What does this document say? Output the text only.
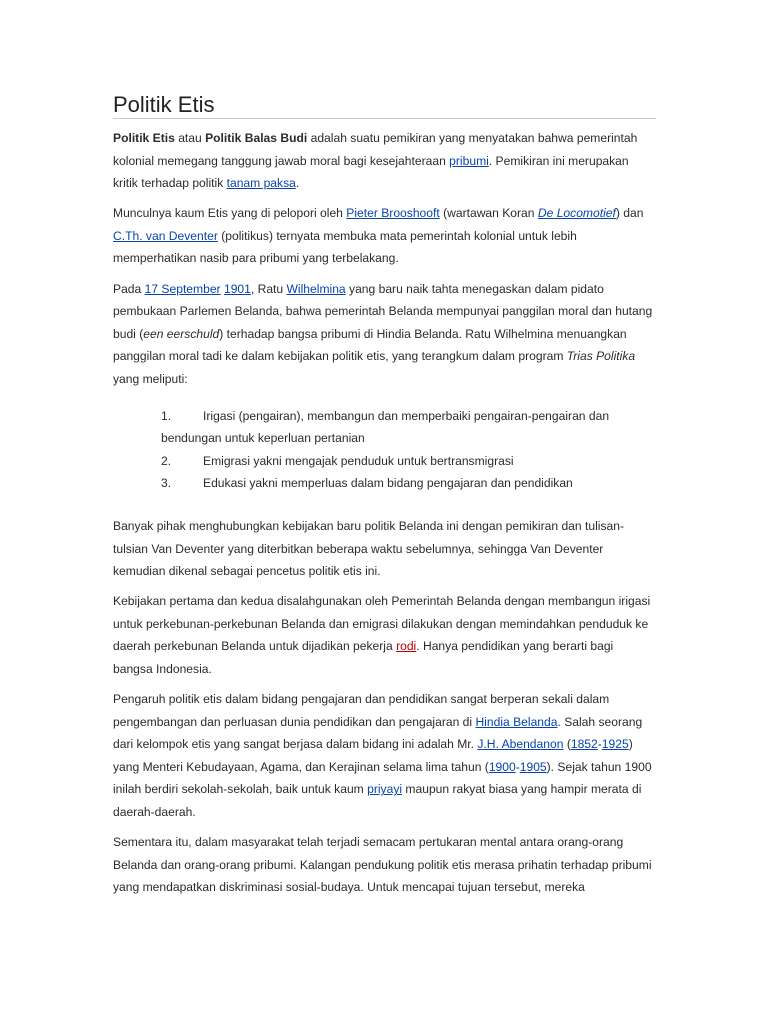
Politik Etis

Politik Etis atau Politik Balas Budi adalah suatu pemikiran yang menyatakan bahwa pemerintah kolonial memegang tanggung jawab moral bagi kesejahteraan pribumi. Pemikiran ini merupakan kritik terhadap politik tanam paksa.

Munculnya kaum Etis yang di pelopori oleh Pieter Brooshooft (wartawan Koran De Locomotief) dan C.Th. van Deventer (politikus) ternyata membuka mata pemerintah kolonial untuk lebih memperhatikan nasib para pribumi yang terbelakang.

Pada 17 September 1901, Ratu Wilhelmina yang baru naik tahta menegaskan dalam pidato pembukaan Parlemen Belanda, bahwa pemerintah Belanda mempunyai panggilan moral dan hutang budi (een eerschuld) terhadap bangsa pribumi di Hindia Belanda. Ratu Wilhelmina menuangkan panggilan moral tadi ke dalam kebijakan politik etis, yang terangkum dalam program Trias Politika yang meliputi:

1.	Irigasi (pengairan), membangun dan memperbaiki pengairan-pengairan dan bendungan untuk keperluan pertanian
2.	Emigrasi yakni mengajak penduduk untuk bertransmigrasi
3.	Edukasi yakni memperluas dalam bidang pengajaran dan pendidikan

Banyak pihak menghubungkan kebijakan baru politik Belanda ini dengan pemikiran dan tulisan-tulsian Van Deventer yang diterbitkan beberapa waktu sebelumnya, sehingga Van Deventer kemudian dikenal sebagai pencetus politik etis ini.

Kebijakan pertama dan kedua disalahgunakan oleh Pemerintah Belanda dengan membangun irigasi untuk perkebunan-perkebunan Belanda dan emigrasi dilakukan dengan memindahkan penduduk ke daerah perkebunan Belanda untuk dijadikan pekerja rodi. Hanya pendidikan yang berarti bagi bangsa Indonesia.

Pengaruh politik etis dalam bidang pengajaran dan pendidikan sangat berperan sekali dalam pengembangan dan perluasan dunia pendidikan dan pengajaran di Hindia Belanda. Salah seorang dari kelompok etis yang sangat berjasa dalam bidang ini adalah Mr. J.H. Abendanon (1852-1925) yang Menteri Kebudayaan, Agama, dan Kerajinan selama lima tahun (1900-1905). Sejak tahun 1900 inilah berdiri sekolah-sekolah, baik untuk kaum priyayi maupun rakyat biasa yang hampir merata di daerah-daerah.

Sementara itu, dalam masyarakat telah terjadi semacam pertukaran mental antara orang-orang Belanda dan orang-orang pribumi. Kalangan pendukung politik etis merasa prihatin terhadap pribumi yang mendapatkan diskriminasi sosial-budaya. Untuk mencapai tujuan tersebut, mereka
